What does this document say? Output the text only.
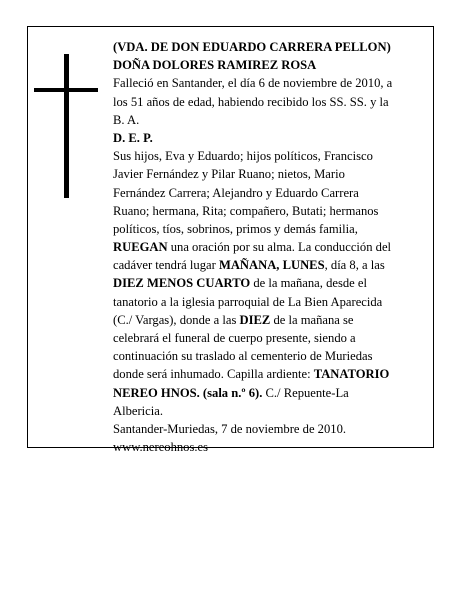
(VDA. DE DON EDUARDO CARRERA PELLON)
DOÑA DOLORES RAMIREZ ROSA
Falleció en Santander, el día 6 de noviembre de 2010, a
los 51 años de edad, habiendo recibido los SS. SS. y la
B. A.
D. E. P.
Sus hijos, Eva y Eduardo; hijos políticos, Francisco
Javier Fernández y Pilar Ruano; nietos, Mario
Fernández Carrera; Alejandro y Eduardo Carrera
Ruano; hermana, Rita; compañero, Butati; hermanos
políticos, tíos, sobrinos, primos y demás familia,
RUEGAN una oración por su alma. La conducción del
cadáver tendrá lugar MAÑANA, LUNES, día 8, a las
DIEZ MENOS CUARTO de la mañana, desde el
tanatorio a la iglesia parroquial de La Bien Aparecida
(C./ Vargas), donde a las DIEZ de la mañana se
celebrará el funeral de cuerpo presente, siendo a
continuación su traslado al cementerio de Muriedas
donde será inhumado. Capilla ardiente: TANATORIO
NEREO HNOS. (sala n.º 6). C./ Repuente-La
Albericia.
Santander-Muriedas, 7 de noviembre de 2010.
www.nereohnos.es
